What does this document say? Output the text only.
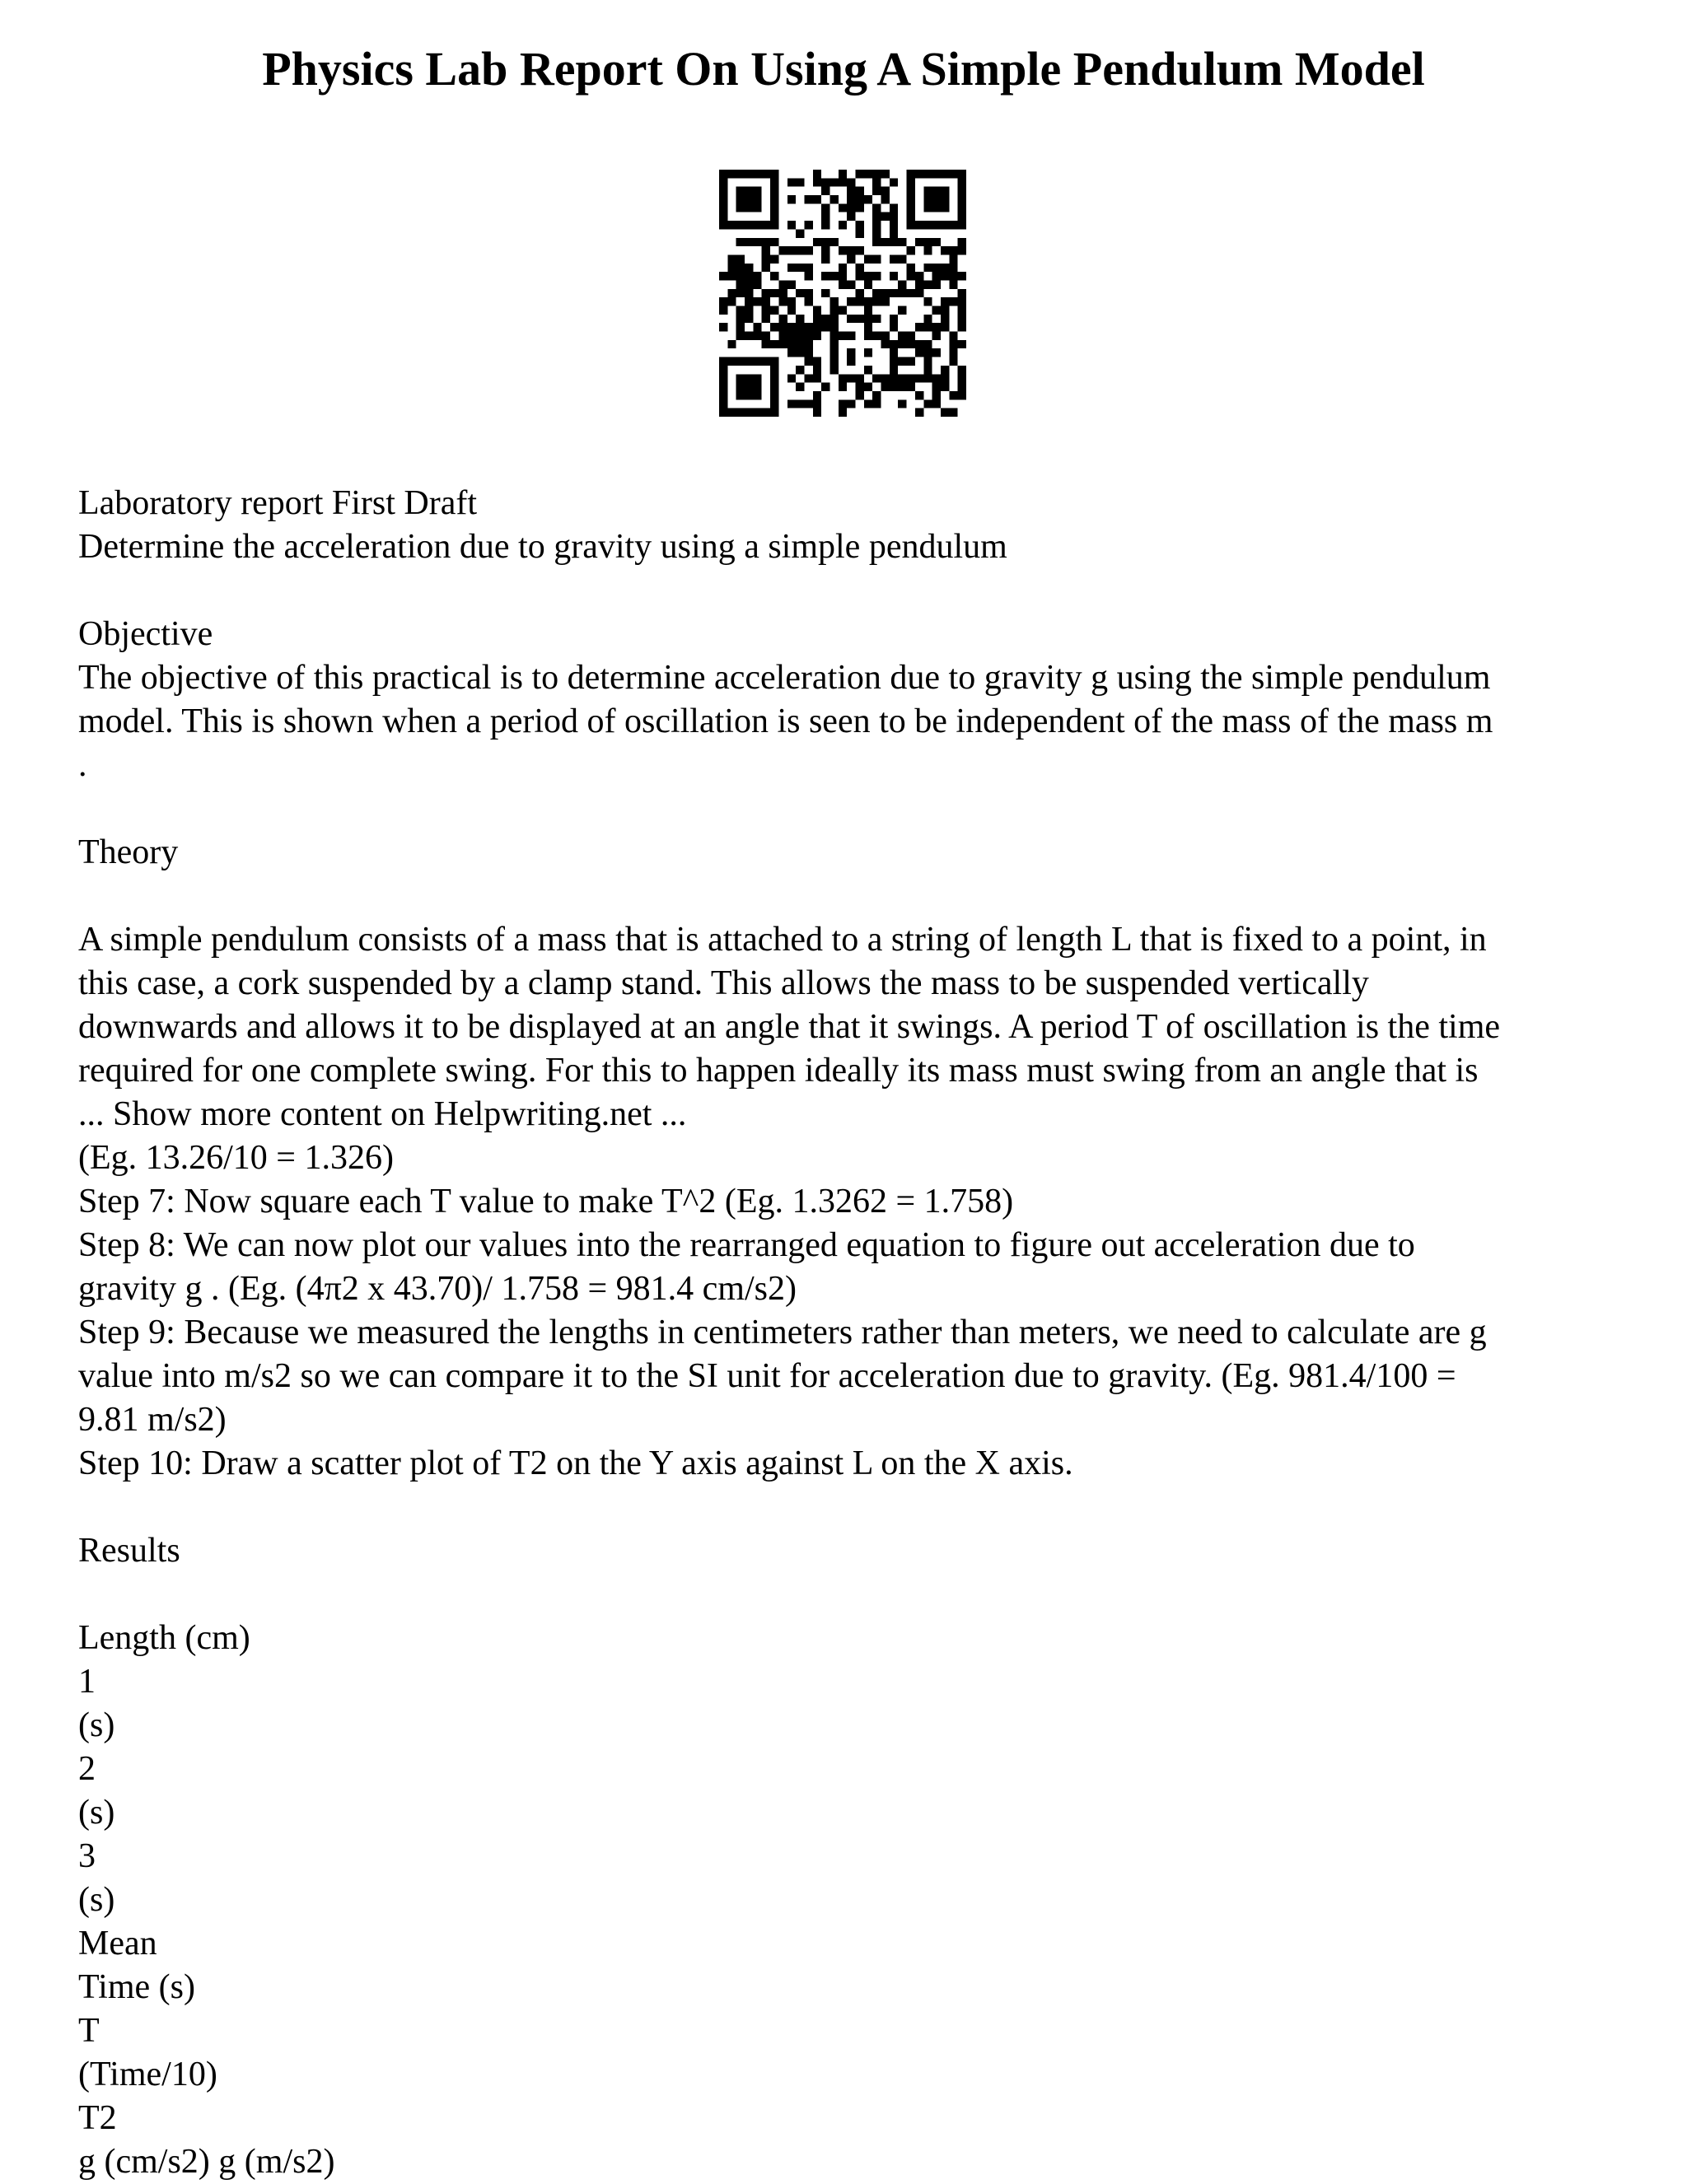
Physics Lab Report On Using A Simple Pendulum Model
Laboratory report First Draft
Determine the acceleration due to gravity using a simple pendulum
Objective
The objective of this practical is to determine acceleration due to gravity g using the simple pendulum
model. This is shown when a period of oscillation is seen to be independent of the mass of the mass m
.
Theory
A simple pendulum consists of a mass that is attached to a string of length L that is fixed to a point, in
this case, a cork suspended by a clamp stand. This allows the mass to be suspended vertically
downwards and allows it to be displayed at an angle that it swings. A period T of oscillation is the time
required for one complete swing. For this to happen ideally its mass must swing from an angle that is
... Show more content on Helpwriting.net ...
(Eg. 13.26/10 = 1.326)
Step 7: Now square each T value to make T^2 (Eg. 1.3262 = 1.758)
Step 8: We can now plot our values into the rearranged equation to figure out acceleration due to
gravity g . (Eg. (4π2 x 43.70)/ 1.758 = 981.4 cm/s2)
Step 9: Because we measured the lengths in centimeters rather than meters, we need to calculate are g
value into m/s2 so we can compare it to the SI unit for acceleration due to gravity. (Eg. 981.4/100 =
9.81 m/s2)
Step 10: Draw a scatter plot of T2 on the Y axis against L on the X axis.
Results
Length (cm)
1
(s)
2
(s)
3
(s)
Mean
Time (s)
T
(Time/10)
T2
g (cm/s2) g (m/s2)
